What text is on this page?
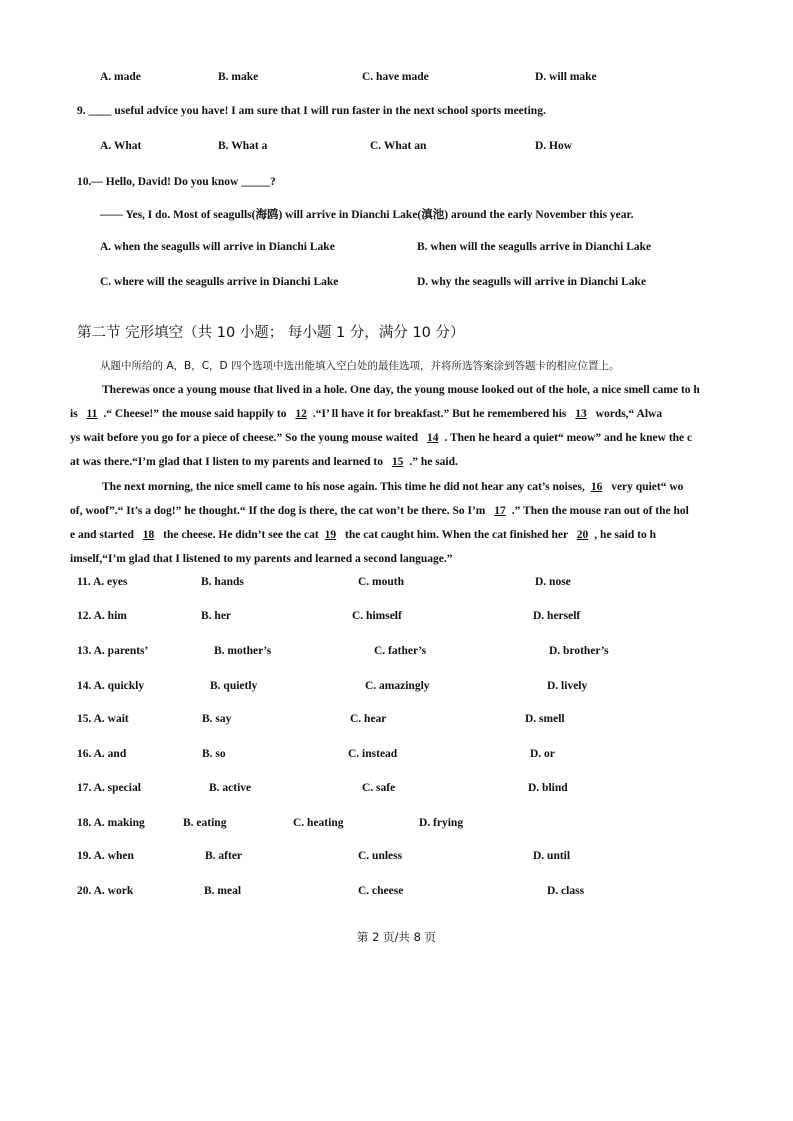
A. made	B. make	C. have made	D. will make
9. ____ useful advice you have! I am sure that I will run faster in the next school sports meeting.
A. What	B. What a	C. What an	D. How
10.— Hello, David! Do you know _____?
—— Yes, I do. Most of seagulls(海鸥) will arrive in Dianchi Lake(滇池) around the early November this year.
A. when the seagulls will arrive in Dianchi Lake	B. when will the seagulls arrive in Dianchi Lake
C. where will the seagulls arrive in Dianchi Lake	D. why the seagulls will arrive in Dianchi Lake
第二节 完形填空（共 10 小题； 每小题 1 分，满分 10 分）
从题中所给的 A，B，C，D 四个选项中选出能填入空白处的最佳选项，并将所选答案涂到答题卡的相应位置上。
Therewas once a young mouse that lived in a hole. One day, the young mouse looked out of the hole, a nice smell came to h
is 11 .“ Cheese!” the mouse said happily to 12 .“I’ ll have it for breakfast.” But he remembered his 13 words,“ Alwa
ys wait before you go for a piece of cheese.” So the young mouse waited 14 . Then he heard a quiet“ meow” and he knew the c
at was there.“I’m glad that I listen to my parents and learned to 15 .” he said.
The next morning, the nice smell came to his nose again. This time he did not hear any cat’s noises, 16 very quiet“ wo
of, woof”.“ It’s a dog!” he thought.“ If the dog is there, the cat won’t be there. So I’m 17 .” Then the mouse ran out of the hol
e and started 18 the cheese. He didn’t see the cat 19 the cat caught him. When the cat finished her 20 , he said to h
imself,“I’m glad that I listened to my parents and learned a second language.”
11. A. eyes	B. hands	C. mouth	D. nose
12. A. him	B. her	C. himself	D. herself
13. A. parents’	B. mother’s	C. father’s	D. brother’s
14. A. quickly	B. quietly	C. amazingly	D. lively
15. A. wait	B. say	C. hear	D. smell
16. A. and	B. so	C. instead	D. or
17. A. special	B. active	C. safe	D. blind
18. A. making	B. eating	C. heating	D. frying
19. A. when	B. after	C. unless	D. until
20. A. work	B. meal	C. cheese	D. class
第 2 页/共 8 页
